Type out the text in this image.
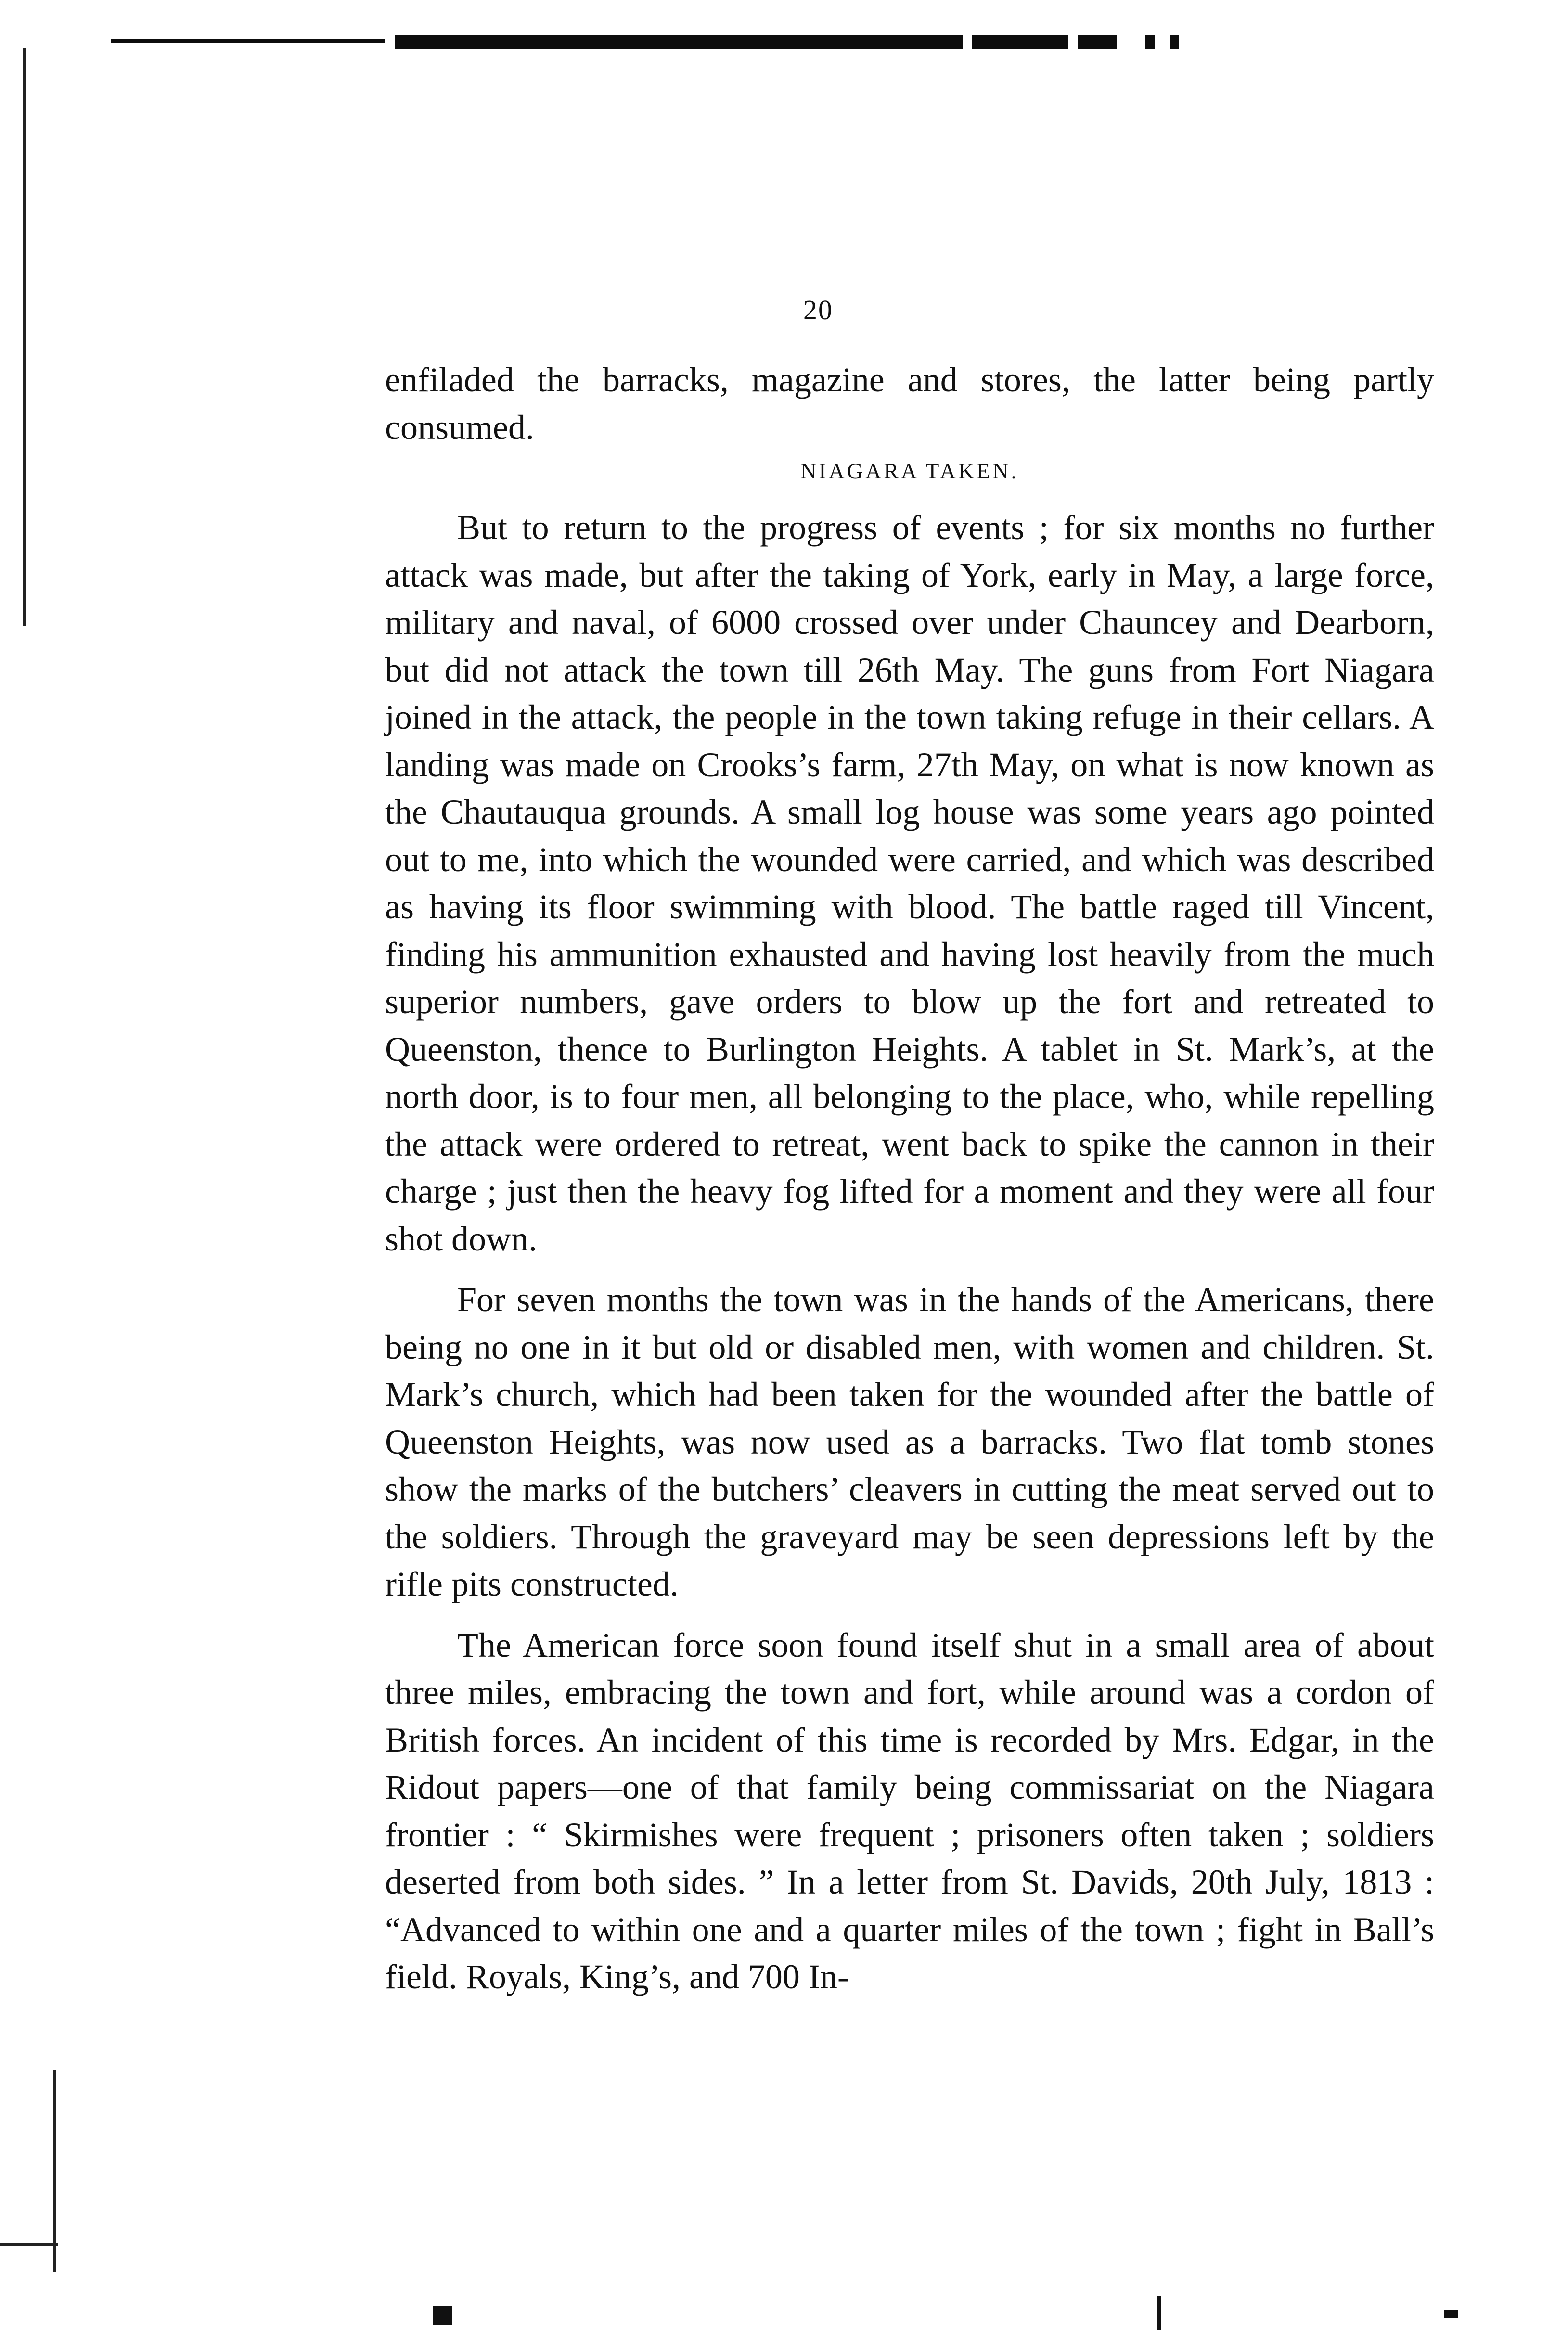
20

enfiladed the barracks, magazine and stores, the latter being partly consumed.

NIAGARA TAKEN.

But to return to the progress of events ; for six months no further attack was made, but after the taking of York, early in May, a large force, military and naval, of 6000 crossed over under Chauncey and Dearborn, but did not attack the town till 26th May. The guns from Fort Niagara joined in the attack, the people in the town taking refuge in their cellars. A landing was made on Crooks’s farm, 27th May, on what is now known as the Chautauqua grounds. A small log house was some years ago pointed out to me, into which the wounded were carried, and which was described as having its floor swimming with blood. The battle raged till Vincent, finding his ammunition exhausted and having lost heavily from the much superior numbers, gave orders to blow up the fort and retreated to Queenston, thence to Burlington Heights. A tablet in St. Mark’s, at the north door, is to four men, all belonging to the place, who, while repelling the attack were ordered to retreat, went back to spike the cannon in their charge ; just then the heavy fog lifted for a moment and they were all four shot down.

For seven months the town was in the hands of the Americans, there being no one in it but old or disabled men, with women and children. St. Mark’s church, which had been taken for the wounded after the battle of Queenston Heights, was now used as a barracks. Two flat tomb stones show the marks of the butchers’ cleavers in cutting the meat served out to the soldiers. Through the graveyard may be seen depressions left by the rifle pits constructed.

The American force soon found itself shut in a small area of about three miles, embracing the town and fort, while around was a cordon of British forces. An incident of this time is recorded by Mrs. Edgar, in the Ridout papers—one of that family being commissariat on the Niagara frontier : “ Skirmishes were frequent ; prisoners often taken ; soldiers deserted from both sides. ” In a letter from St. Davids, 20th July, 1813 : “Advanced to within one and a quarter miles of the town ; fight in Ball’s field. Royals, King’s, and 700 In-
